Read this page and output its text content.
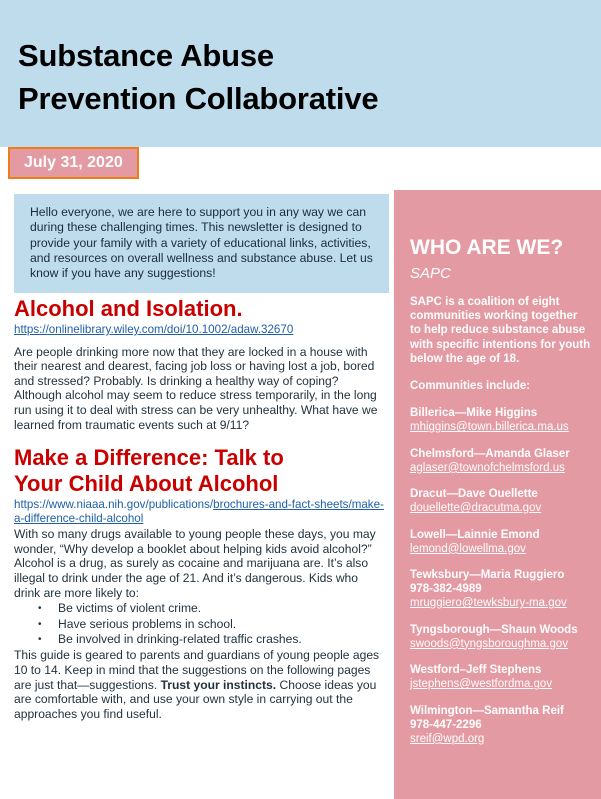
Substance Abuse
Prevention Collaborative
July 31, 2020

Hello everyone, we are here to support you in any way we can during these challenging times. This newsletter is designed to provide your family with a variety of educational links, activities, and resources on overall wellness and substance abuse. Let us know if you have any suggestions!

Alcohol and Isolation.
https://onlinelibrary.wiley.com/doi/10.1002/adaw.32670

Are people drinking more now that they are locked in a house with their nearest and dearest, facing job loss or having lost a job, bored and stressed? Probably. Is drinking a healthy way of coping? Although alcohol may seem to reduce stress temporarily, in the long run using it to deal with stress can be very unhealthy. What have we learned from traumatic events such at 9/11?

Make a Difference: Talk to
Your Child About Alcohol
https://www.niaaa.nih.gov/publications/brochures-and-fact-sheets/make-a-difference-child-alcohol

With so many drugs available to young people these days, you may wonder, “Why develop a booklet about helping kids avoid alcohol?” Alcohol is a drug, as surely as cocaine and marijuana are. It’s also illegal to drink under the age of 21. And it’s dangerous. Kids who drink are more likely to:

• Be victims of violent crime.
• Have serious problems in school.
• Be involved in drinking-related traffic crashes.

This guide is geared to parents and guardians of young people ages 10 to 14. Keep in mind that the suggestions on the following pages are just that—suggestions. Trust your instincts. Choose ideas you are comfortable with, and use your own style in carrying out the approaches you find useful.

WHO ARE WE?
SAPC

SAPC is a coalition of eight communities working together to help reduce substance abuse with specific intentions for youth below the age of 18.

Communities include:

Billerica—Mike Higgins
mhiggins@town.billerica.ma.us
Chelmsford—Amanda Glaser
aglaser@townofchelmsford.us
Dracut—Dave Ouellette
douellette@dracutma.gov
Lowell—Lainnie Emond
lemond@lowellma.gov
Tewksbury—Maria Ruggiero
978-382-4989
mruggiero@tewksbury-ma.gov
Tyngsborough—Shaun Woods
swoods@tyngsboroughma.gov
Westford–Jeff Stephens
jstephens@westfordma.gov
Wilmington—Samantha Reif
978-447-2296
sreif@wpd.org
